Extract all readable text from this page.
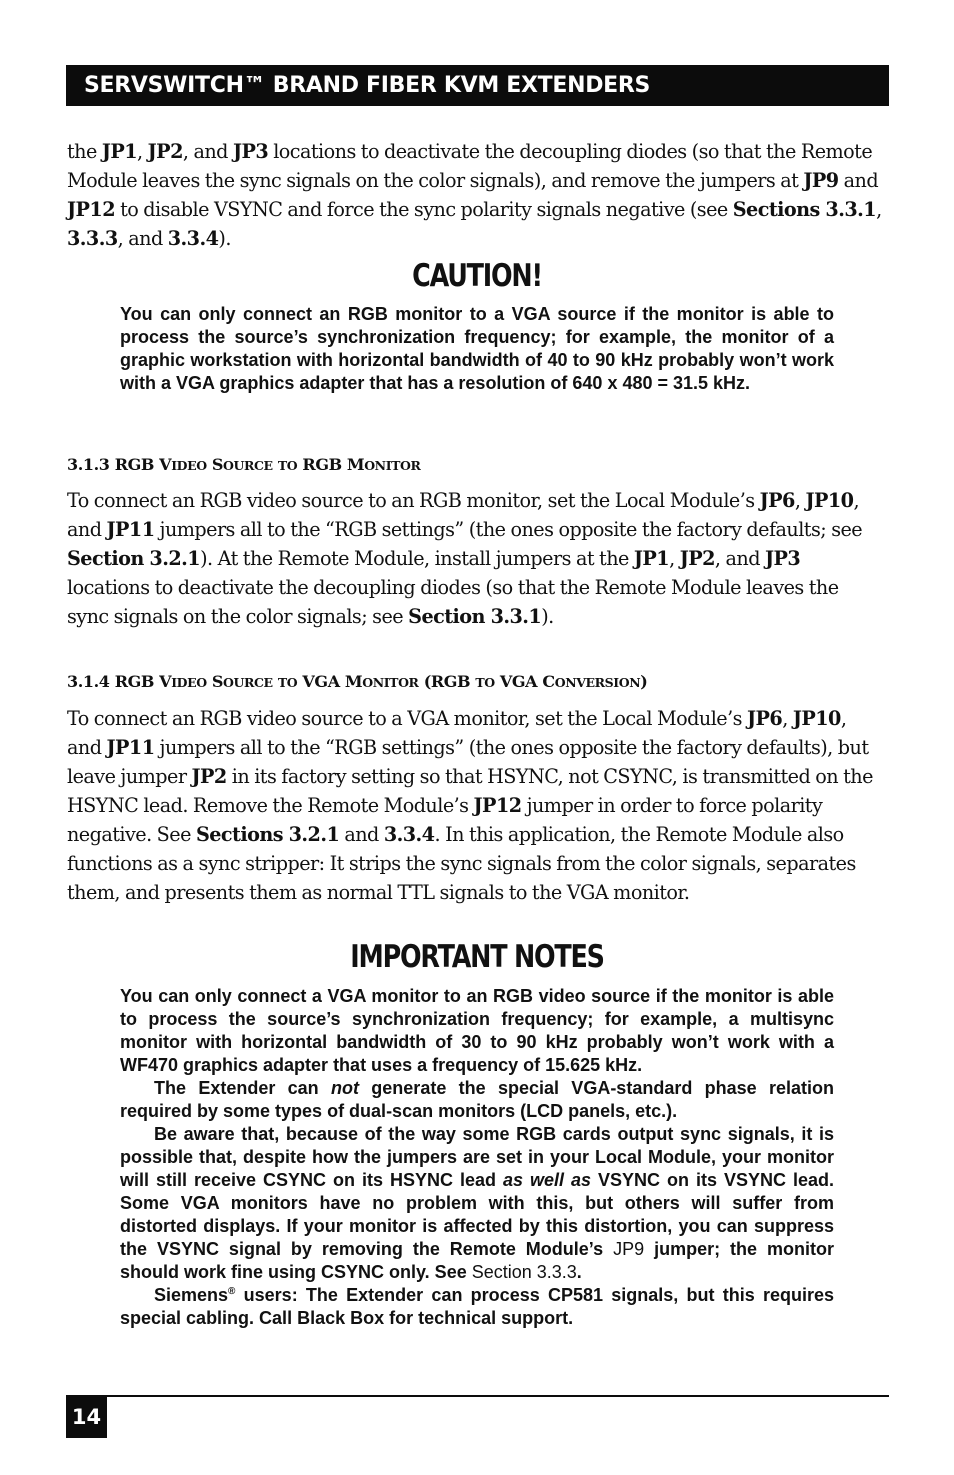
SERVSWITCH™ BRAND FIBER KVM EXTENDERS

the JP1, JP2, and JP3 locations to deactivate the decoupling diodes (so that the Remote Module leaves the sync signals on the color signals), and remove the jumpers at JP9 and JP12 to disable VSYNC and force the sync polarity signals negative (see Sections 3.3.1, 3.3.3, and 3.3.4).

CAUTION!

You can only connect an RGB monitor to a VGA source if the monitor is able to process the source’s synchronization frequency; for example, the monitor of a graphic workstation with horizontal bandwidth of 40 to 90 kHz probably won’t work with a VGA graphics adapter that has a resolution of 640 x 480 = 31.5 kHz.

3.1.3 RGB VIDEO SOURCE TO RGB MONITOR

To connect an RGB video source to an RGB monitor, set the Local Module’s JP6, JP10, and JP11 jumpers all to the “RGB settings” (the ones opposite the factory defaults; see Section 3.2.1). At the Remote Module, install jumpers at the JP1, JP2, and JP3 locations to deactivate the decoupling diodes (so that the Remote Module leaves the sync signals on the color signals; see Section 3.3.1).

3.1.4 RGB VIDEO SOURCE TO VGA MONITOR (RGB TO VGA CONVERSION)

To connect an RGB video source to a VGA monitor, set the Local Module’s JP6, JP10, and JP11 jumpers all to the “RGB settings” (the ones opposite the factory defaults), but leave jumper JP2 in its factory setting so that HSYNC, not CSYNC, is transmitted on the HSYNC lead. Remove the Remote Module’s JP12 jumper in order to force polarity negative. See Sections 3.2.1 and 3.3.4. In this application, the Remote Module also functions as a sync stripper: It strips the sync signals from the color signals, separates them, and presents them as normal TTL signals to the VGA monitor.

IMPORTANT NOTES

You can only connect a VGA monitor to an RGB video source if the monitor is able to process the source’s synchronization frequency; for example, a multisync monitor with horizontal bandwidth of 30 to 90 kHz probably won’t work with a WF470 graphics adapter that uses a frequency of 15.625 kHz.

The Extender can not generate the special VGA-standard phase relation required by some types of dual-scan monitors (LCD panels, etc.).

Be aware that, because of the way some RGB cards output sync signals, it is possible that, despite how the jumpers are set in your Local Module, your monitor will still receive CSYNC on its HSYNC lead as well as VSYNC on its VSYNC lead. Some VGA monitors have no problem with this, but others will suffer from distorted displays. If your monitor is affected by this distortion, you can suppress the VSYNC signal by removing the Remote Module’s JP9 jumper; the monitor should work fine using CSYNC only. See Section 3.3.3.

Siemens® users: The Extender can process CP581 signals, but this requires special cabling. Call Black Box for technical support.

14
